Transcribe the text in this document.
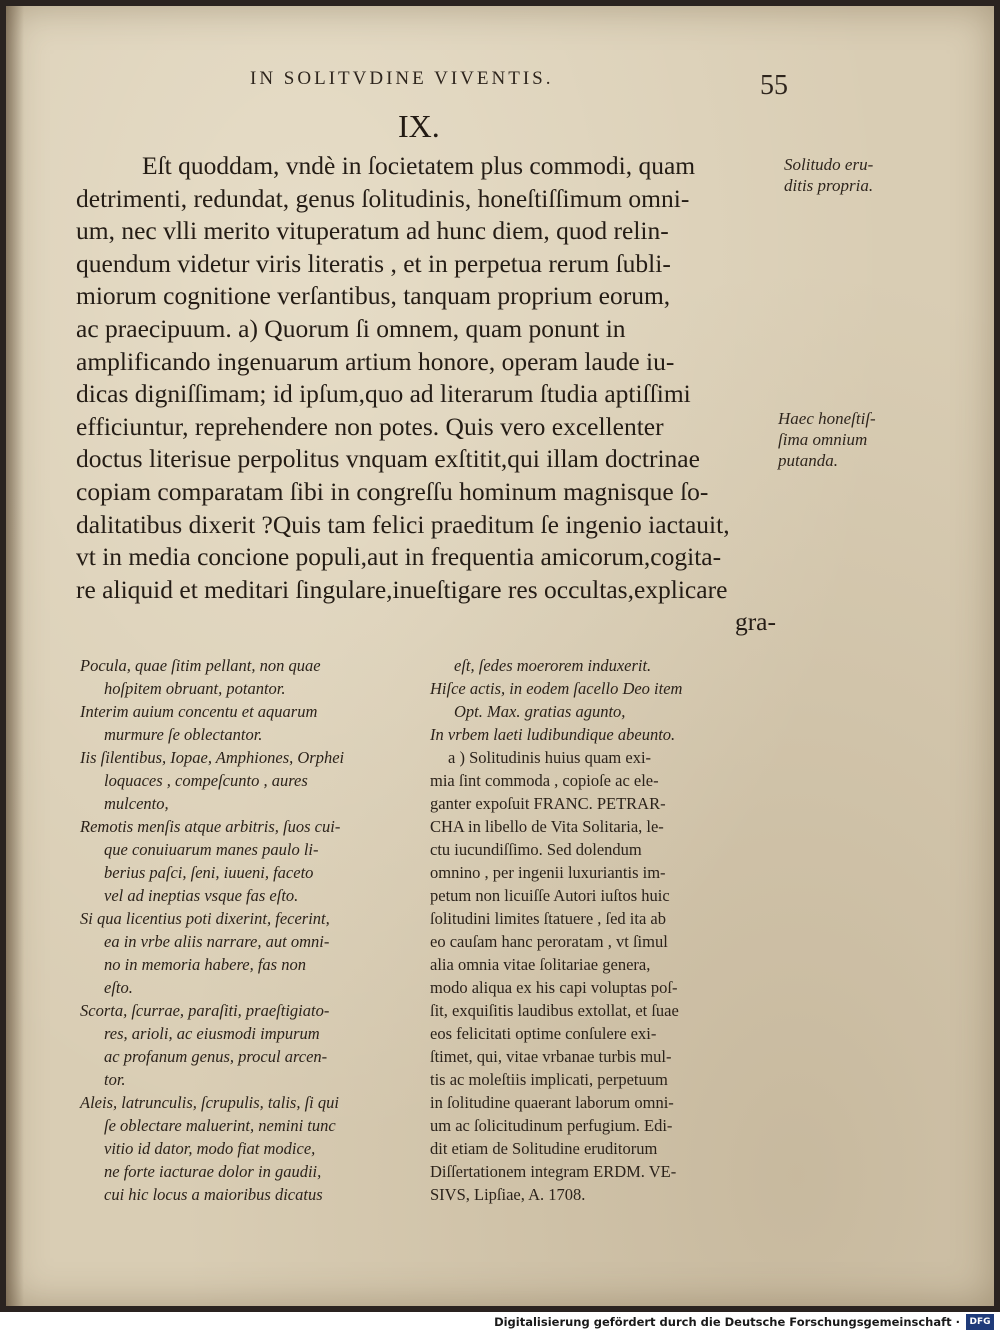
IN SOLITVDINE VIVENTIS.	55
IX.
Eſt quoddam, vndè in ſocietatem plus commodi, quam
detrimenti, redundat, genus ſolitudinis, honeſtiſſimum omni-
um, nec vlli merito vituperatum ad hunc diem, quod relin-
quendum videtur viris literatis , et in perpetua rerum ſubli-
miorum cognitione verſantibus, tanquam proprium eorum,
ac praecipuum. a) Quorum ſi omnem, quam ponunt in
amplificando ingenuarum artium honore, operam laude iu-
dicas digniſſimam; id ipſum,quo ad literarum ſtudia aptiſſimi
efficiuntur, reprehendere non potes. Quis vero excellenter
doctus literisue perpolitus vnquam exſtitit,qui illam doctrinae
copiam comparatam ſibi in congreſſu hominum magnisque ſo-
dalitatibus dixerit ?Quis tam felici praeditum ſe ingenio iactauit,
vt in media concione populi,aut in frequentia amicorum,cogita-
re aliquid et meditari ſingulare,inueſtigare res occultas,explicare
gra-
Solitudo eru-
ditis propria.
Haec honeſtiſ-
ſima omnium
putanda.
Pocula, quae ſitim pellant, non quae
hoſpitem obruant, potantor.
Interim auium concentu et aquarum
murmure ſe oblectantor.
Iis ſilentibus, Iopae, Amphiones, Orphei
loquaces , compeſcunto , aures
mulcento,
Remotis menſis atque arbitris, ſuos cui-
que conuiuarum manes paulo li-
berius paſci, ſeni, iuueni, faceto
vel ad ineptias vsque fas eſto.
Si qua licentius poti dixerint, fecerint,
ea in vrbe aliis narrare, aut omni-
no in memoria habere, fas non
eſto.
Scorta, ſcurrae, paraſiti, praeſtigiato-
res, arioli, ac eiusmodi impurum
ac profanum genus, procul arcen-
tor.
Aleis, latrunculis, ſcrupulis, talis, ſi qui
ſe oblectare maluerint, nemini tunc
vitio id dator, modo fiat modice,
ne forte iacturae dolor in gaudii,
cui hic locus a maioribus dicatus
eſt, ſedes moerorem induxerit.
Hiſce actis, in eodem ſacello Deo item
Opt. Max. gratias agunto,
In vrbem laeti ludibundique abeunto.
a ) Solitudinis huius quam exi-
mia ſint commoda , copioſe ac ele-
ganter expoſuit FRANC. PETRAR-
CHA in libello de Vita Solitaria, le-
ctu iucundiſſimo. Sed dolendum
omnino , per ingenii luxuriantis im-
petum non licuiſſe Autori iuſtos huic
ſolitudini limites ſtatuere , ſed ita ab
eo cauſam hanc peroratam , vt ſimul
alia omnia vitae ſolitariae genera,
modo aliqua ex his capi voluptas poſ-
ſit, exquiſitis laudibus extollat, et ſuae
eos felicitati optime conſulere exi-
ſtimet, qui, vitae vrbanae turbis mul-
tis ac moleſtiis implicati, perpetuum
in ſolitudine quaerant laborum omni-
um ac ſolicitudinum perfugium. Edi-
dit etiam de Solitudine eruditorum
Diſſertationem integram ERDM. VE-
SIVS, Lipſiae, A. 1708.
Digitalisierung gefördert durch die Deutsche Forschungsgemeinschaft ·	DFG
